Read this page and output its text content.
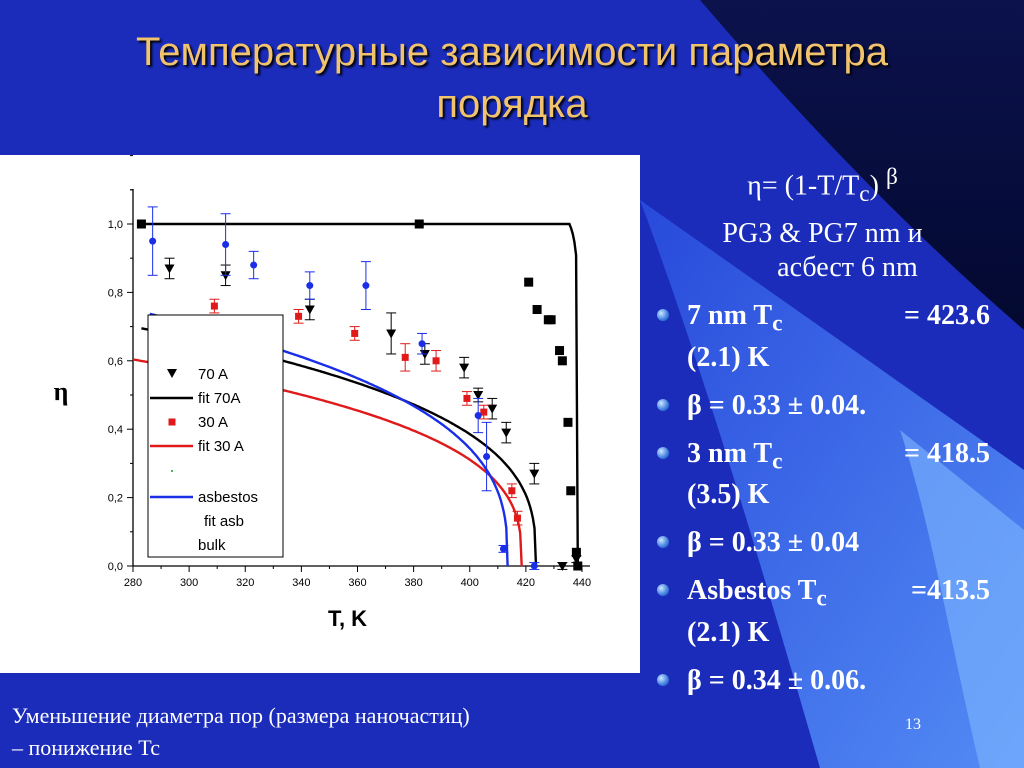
Температурные зависимости параметра
порядка
280	300	320	340	360	380	400	420	440
0,0
0,2
0,4
0,6
0,8
1,0
T, K
η
70 A
fit 70A
30 A
fit 30 A
asbestos
fit asb
bulk
$\eta= (1-T/T_c)$ $^\beta$
PG3 & PG7 nm и
асбест 6 nm
7 nm $T_c$	= 423.6
(2.1) K
β = 0.33 ± 0.04.
3 nm $T_c$	= 418.5
(3.5) K
β = 0.33 ± 0.04
Asbestos $T_c$	=413.5
(2.1) K
β = 0.34 ± 0.06.
Уменьшение диаметра пор (размера наночастиц)
– понижение Tc
13
